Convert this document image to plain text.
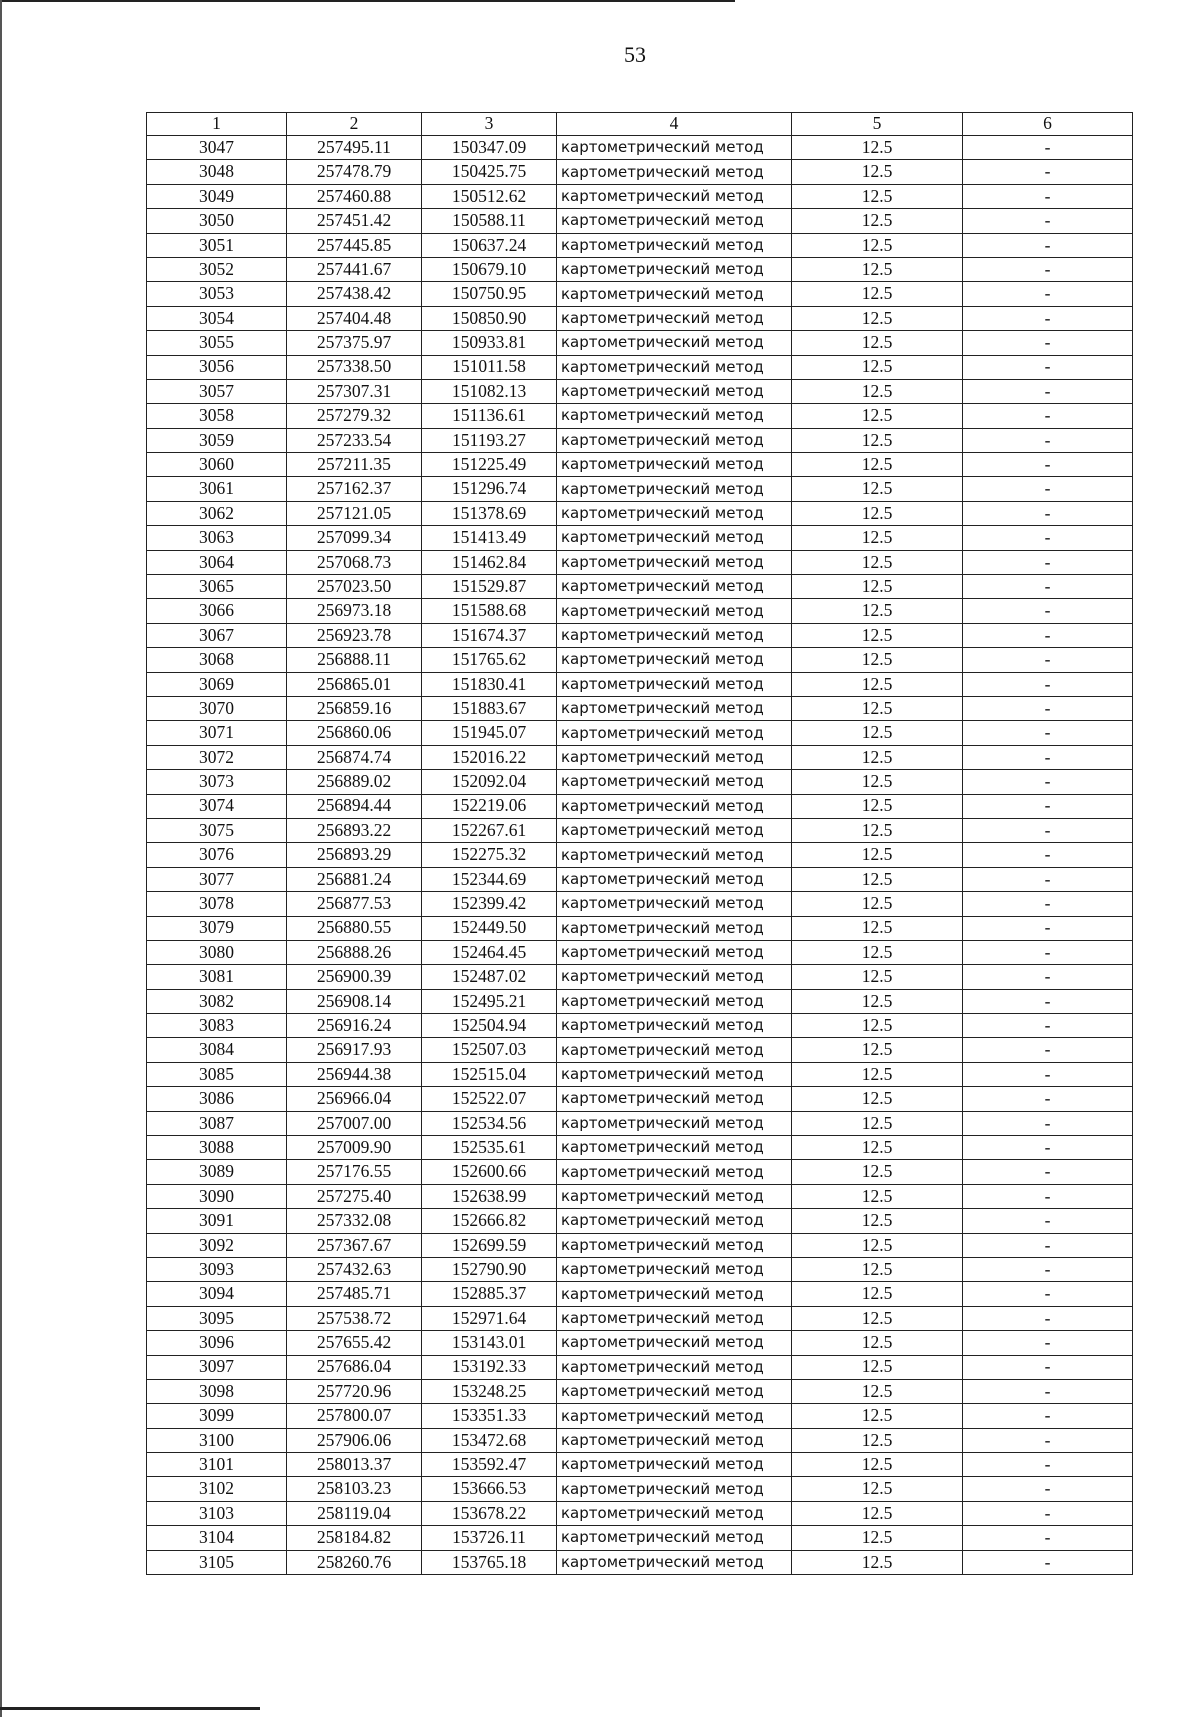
53
1	2	3	4	5	6
3047	257495.11	150347.09	картометрический метод	12.5	-
3048	257478.79	150425.75	картометрический метод	12.5	-
3049	257460.88	150512.62	картометрический метод	12.5	-
3050	257451.42	150588.11	картометрический метод	12.5	-
3051	257445.85	150637.24	картометрический метод	12.5	-
3052	257441.67	150679.10	картометрический метод	12.5	-
3053	257438.42	150750.95	картометрический метод	12.5	-
3054	257404.48	150850.90	картометрический метод	12.5	-
3055	257375.97	150933.81	картометрический метод	12.5	-
3056	257338.50	151011.58	картометрический метод	12.5	-
3057	257307.31	151082.13	картометрический метод	12.5	-
3058	257279.32	151136.61	картометрический метод	12.5	-
3059	257233.54	151193.27	картометрический метод	12.5	-
3060	257211.35	151225.49	картометрический метод	12.5	-
3061	257162.37	151296.74	картометрический метод	12.5	-
3062	257121.05	151378.69	картометрический метод	12.5	-
3063	257099.34	151413.49	картометрический метод	12.5	-
3064	257068.73	151462.84	картометрический метод	12.5	-
3065	257023.50	151529.87	картометрический метод	12.5	-
3066	256973.18	151588.68	картометрический метод	12.5	-
3067	256923.78	151674.37	картометрический метод	12.5	-
3068	256888.11	151765.62	картометрический метод	12.5	-
3069	256865.01	151830.41	картометрический метод	12.5	-
3070	256859.16	151883.67	картометрический метод	12.5	-
3071	256860.06	151945.07	картометрический метод	12.5	-
3072	256874.74	152016.22	картометрический метод	12.5	-
3073	256889.02	152092.04	картометрический метод	12.5	-
3074	256894.44	152219.06	картометрический метод	12.5	-
3075	256893.22	152267.61	картометрический метод	12.5	-
3076	256893.29	152275.32	картометрический метод	12.5	-
3077	256881.24	152344.69	картометрический метод	12.5	-
3078	256877.53	152399.42	картометрический метод	12.5	-
3079	256880.55	152449.50	картометрический метод	12.5	-
3080	256888.26	152464.45	картометрический метод	12.5	-
3081	256900.39	152487.02	картометрический метод	12.5	-
3082	256908.14	152495.21	картометрический метод	12.5	-
3083	256916.24	152504.94	картометрический метод	12.5	-
3084	256917.93	152507.03	картометрический метод	12.5	-
3085	256944.38	152515.04	картометрический метод	12.5	-
3086	256966.04	152522.07	картометрический метод	12.5	-
3087	257007.00	152534.56	картометрический метод	12.5	-
3088	257009.90	152535.61	картометрический метод	12.5	-
3089	257176.55	152600.66	картометрический метод	12.5	-
3090	257275.40	152638.99	картометрический метод	12.5	-
3091	257332.08	152666.82	картометрический метод	12.5	-
3092	257367.67	152699.59	картометрический метод	12.5	-
3093	257432.63	152790.90	картометрический метод	12.5	-
3094	257485.71	152885.37	картометрический метод	12.5	-
3095	257538.72	152971.64	картометрический метод	12.5	-
3096	257655.42	153143.01	картометрический метод	12.5	-
3097	257686.04	153192.33	картометрический метод	12.5	-
3098	257720.96	153248.25	картометрический метод	12.5	-
3099	257800.07	153351.33	картометрический метод	12.5	-
3100	257906.06	153472.68	картометрический метод	12.5	-
3101	258013.37	153592.47	картометрический метод	12.5	-
3102	258103.23	153666.53	картометрический метод	12.5	-
3103	258119.04	153678.22	картометрический метод	12.5	-
3104	258184.82	153726.11	картометрический метод	12.5	-
3105	258260.76	153765.18	картометрический метод	12.5	-
